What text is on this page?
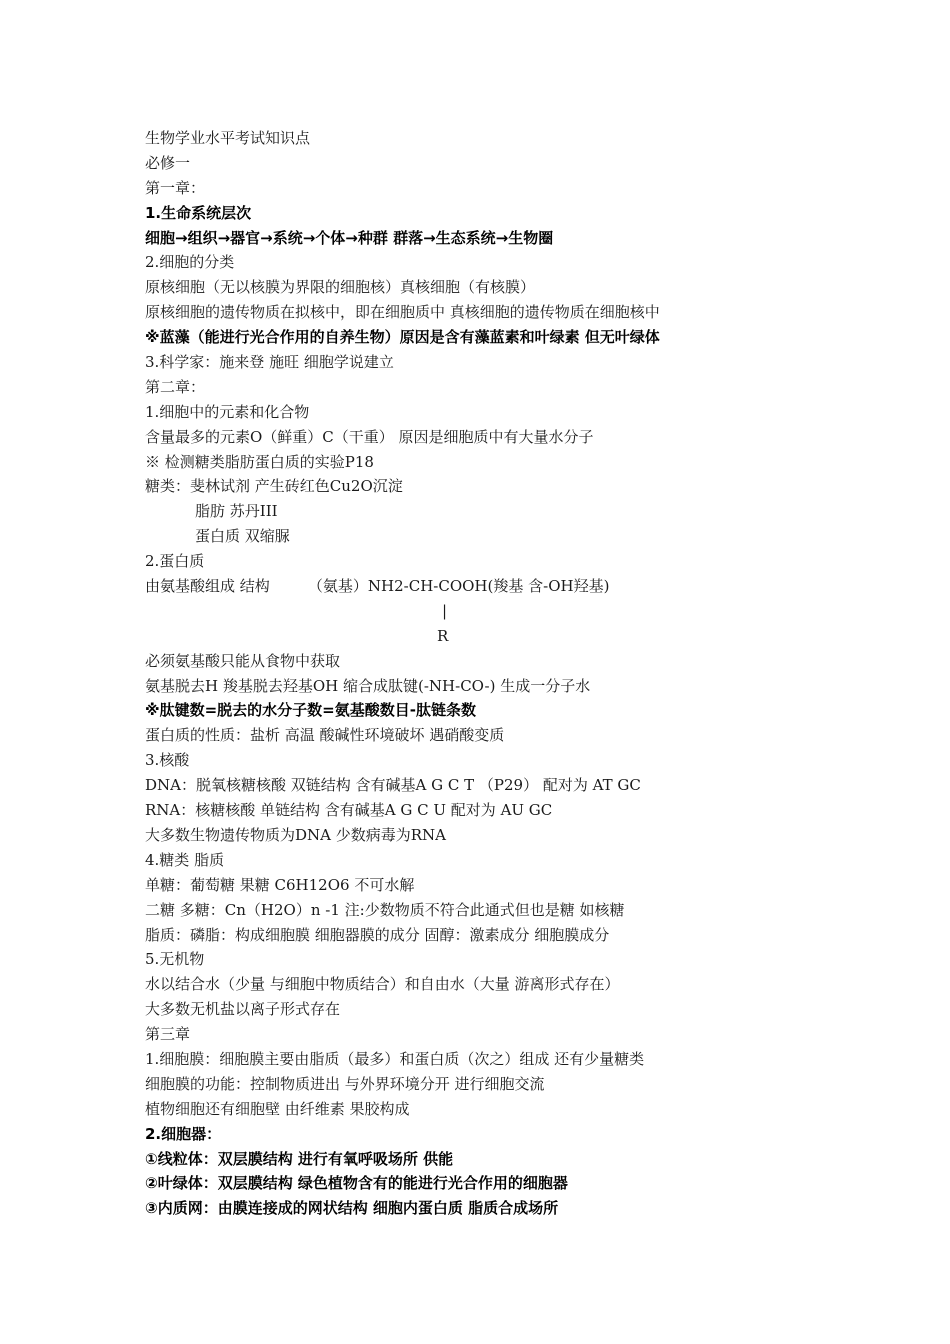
生物学业水平考试知识点
必修一
第一章：
1.生命系统层次
细胞→组织→器官→系统→个体→种群 群落→生态系统→生物圈
2.细胞的分类
原核细胞（无以核膜为界限的细胞核）真核细胞（有核膜）
原核细胞的遗传物质在拟核中，即在细胞质中 真核细胞的遗传物质在细胞核中
※蓝藻（能进行光合作用的自养生物）原因是含有藻蓝素和叶绿素 但无叶绿体
3.科学家：施来登 施旺 细胞学说建立
第二章：
1.细胞中的元素和化合物
含量最多的元素O（鲜重）C（干重） 原因是细胞质中有大量水分子
※ 检测糖类脂肪蛋白质的实验P18
糖类：斐林试剂 产生砖红色Cu2O沉淀
脂肪 苏丹III
蛋白质 双缩脲
2.蛋白质
由氨基酸组成 结构        （氨基）NH2-CH-COOH(羧基 含-OH羟基)
|
R
必须氨基酸只能从食物中获取
氨基脱去H 羧基脱去羟基OH 缩合成肽键(-NH-CO-) 生成一分子水
※肽键数=脱去的水分子数=氨基酸数目-肽链条数
蛋白质的性质：盐析 高温 酸碱性环境破坏 遇硝酸变质
3.核酸
DNA：脱氧核糖核酸 双链结构 含有碱基A G C T （P29） 配对为 AT GC
RNA：核糖核酸 单链结构 含有碱基A G C U 配对为 AU GC
大多数生物遗传物质为DNA 少数病毒为RNA
4.糖类 脂质
单糖：葡萄糖 果糖 C6H12O6 不可水解
二糖 多糖：Cn（H2O）n -1 注:少数物质不符合此通式但也是糖 如核糖
脂质：磷脂：构成细胞膜 细胞器膜的成分 固醇：激素成分 细胞膜成分
5.无机物
水以结合水（少量 与细胞中物质结合）和自由水（大量 游离形式存在）
大多数无机盐以离子形式存在
第三章
1.细胞膜：细胞膜主要由脂质（最多）和蛋白质（次之）组成 还有少量糖类
细胞膜的功能：控制物质进出 与外界环境分开 进行细胞交流
植物细胞还有细胞壁 由纤维素 果胶构成
2.细胞器：
①线粒体：双层膜结构 进行有氧呼吸场所 供能
②叶绿体：双层膜结构 绿色植物含有的能进行光合作用的细胞器
③内质网：由膜连接成的网状结构 细胞内蛋白质 脂质合成场所
